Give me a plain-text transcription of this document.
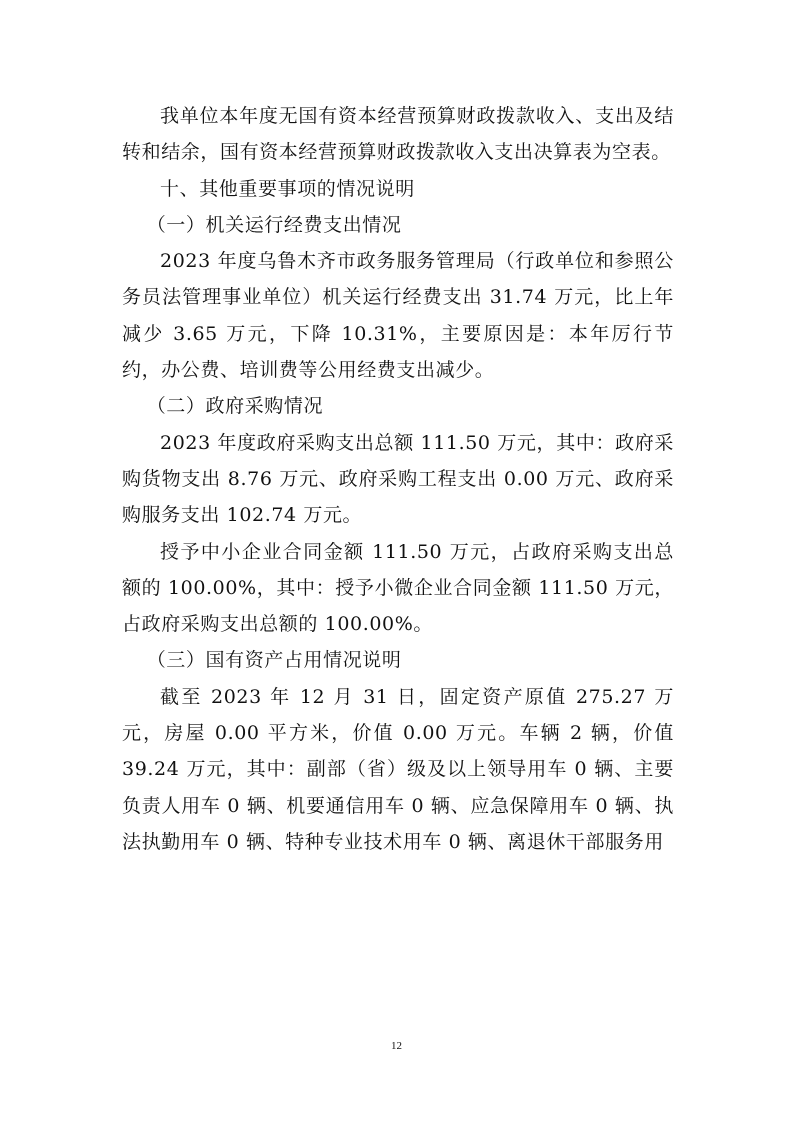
我单位本年度无国有资本经营预算财政拨款收入、支出及结转和结余，国有资本经营预算财政拨款收入支出决算表为空表。

十、其他重要事项的情况说明

（一）机关运行经费支出情况

2023 年度乌鲁木齐市政务服务管理局（行政单位和参照公务员法管理事业单位）机关运行经费支出 31.74 万元，比上年减少 3.65 万元，下降 10.31%，主要原因是：本年厉行节约，办公费、培训费等公用经费支出减少。

（二）政府采购情况

2023 年度政府采购支出总额 111.50 万元，其中：政府采购货物支出 8.76 万元、政府采购工程支出 0.00 万元、政府采购服务支出 102.74 万元。

授予中小企业合同金额 111.50 万元，占政府采购支出总额的 100.00%，其中：授予小微企业合同金额 111.50 万元，占政府采购支出总额的 100.00%。

（三）国有资产占用情况说明

截至 2023 年 12 月 31 日，固定资产原值 275.27 万元，房屋 0.00 平方米，价值 0.00 万元。车辆 2 辆，价值 39.24 万元，其中：副部（省）级及以上领导用车 0 辆、主要负责人用车 0 辆、机要通信用车 0 辆、应急保障用车 0 辆、执法执勤用车 0 辆、特种专业技术用车 0 辆、离退休干部服务用

12
